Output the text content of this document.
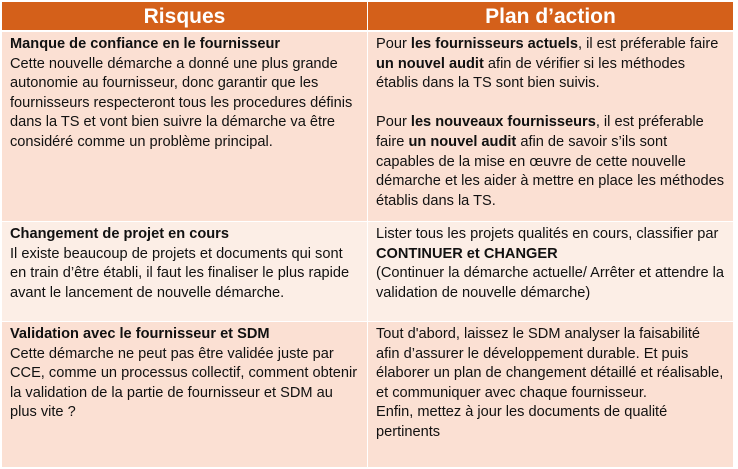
Risques	Plan d’action
Manque de confiance en le fournisseur
Cette nouvelle démarche a donné une plus grande autonomie au fournisseur, donc garantir que les fournisseurs respecteront tous les procedures définis dans la TS et vont bien suivre la démarche va être considéré comme un problème principal.
Pour les fournisseurs actuels, il est préferable faire un nouvel audit afin de vérifier si les méthodes établis dans la TS sont bien suivis.
Pour les nouveaux fournisseurs, il est préferable faire un nouvel audit afin de savoir s’ils sont capables de la mise en œuvre de cette nouvelle démarche et les aider à mettre en place les méthodes établis dans la TS.
Changement de projet en cours
Il existe beaucoup de projets et documents qui sont en train d’être établi, il faut les finaliser le plus rapide avant le lancement de nouvelle démarche.
Lister tous les projets qualités en cours, classifier par CONTINUER et CHANGER
(Continuer la démarche actuelle/ Arrêter et attendre la validation de nouvelle démarche)
Validation avec le fournisseur et SDM
Cette démarche ne peut pas être validée juste par CCE, comme un processus collectif, comment obtenir la validation de la partie de fournisseur et SDM au plus vite ?
Tout d'abord, laissez le SDM analyser la faisabilité afin d’assurer le développement durable. Et puis élaborer un plan de changement détaillé et réalisable, et communiquer avec chaque fournisseur.
Enfin, mettez à jour les documents de qualité pertinents
